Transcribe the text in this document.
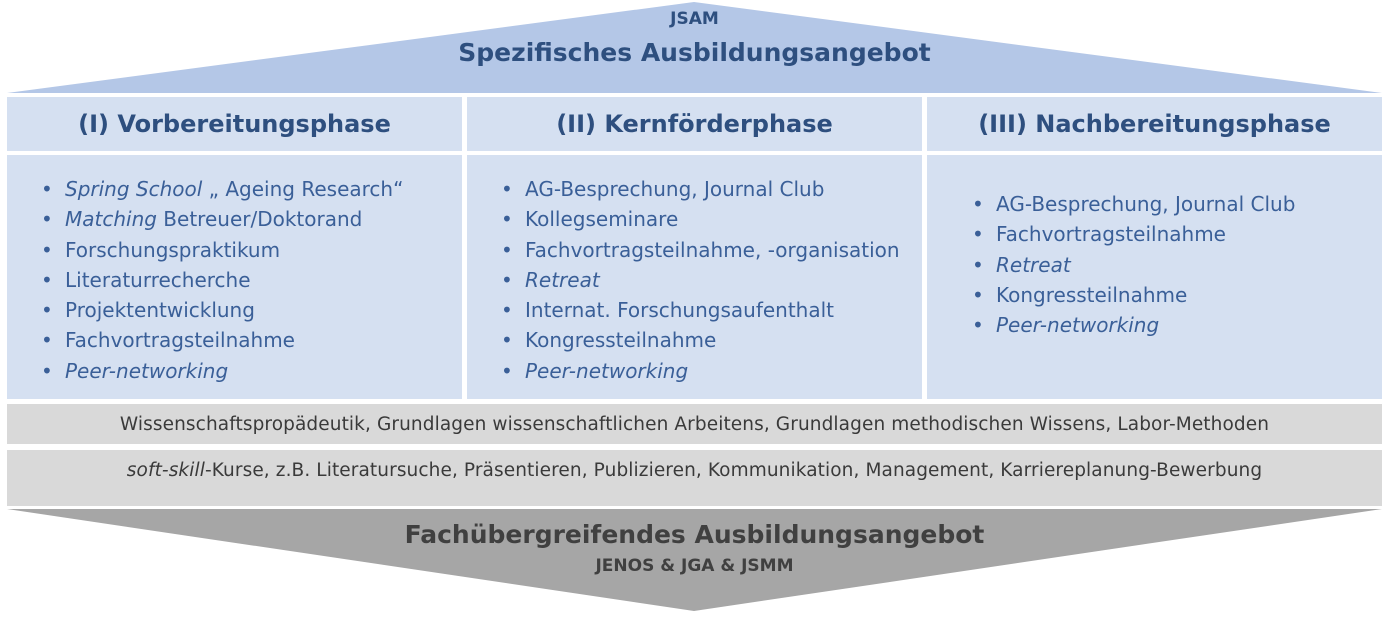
JSAM
Spezifisches Ausbildungsangebot
(I) Vorbereitungsphase	(II) Kernförderphase	(III) Nachbereitungsphase
• Spring School „ Ageing Research“
• Matching Betreuer/Doktorand
• Forschungspraktikum
• Literaturrecherche
• Projektentwicklung
• Fachvortragsteilnahme
• Peer-networking
• AG-Besprechung, Journal Club
• Kollegseminare
• Fachvortragsteilnahme, -organisation
• Retreat
• Internat. Forschungsaufenthalt
• Kongressteilnahme
• Peer-networking
• AG-Besprechung, Journal Club
• Fachvortragsteilnahme
• Retreat
• Kongressteilnahme
• Peer-networking
Wissenschaftspropädeutik, Grundlagen wissenschaftlichen Arbeitens, Grundlagen methodischen Wissens, Labor-Methoden
soft-skill -Kurse, z.B. Literatursuche, Präsentieren, Publizieren, Kommunikation, Management, Karriereplanung-Bewerbung
Fachübergreifendes Ausbildungsangebot
JENOS & JGA & JSMM
